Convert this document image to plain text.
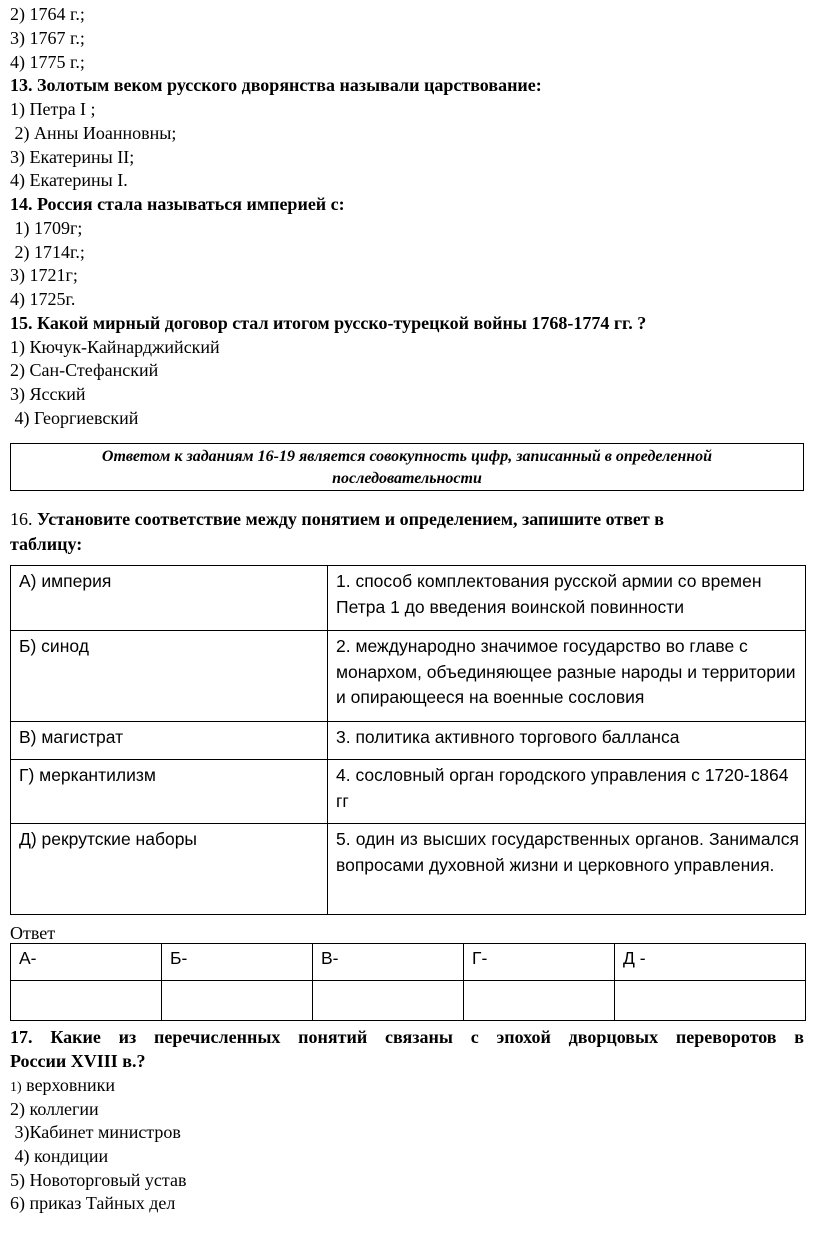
2) 1764 г.;
3) 1767 г.;
4) 1775 г.;
13. Золотым веком русского дворянства называли царствование:
1) Петра I ;
2) Анны Иоанновны;
3) Екатерины II;
4) Екатерины I.
14. Россия стала называться империей с:
1) 1709г;
2) 1714г.;
3) 1721г;
4) 1725г.
15. Какой мирный договор стал итогом русско-турецкой войны 1768-1774 гг. ?
1) Кючук-Кайнарджийский
2) Сан-Стефанский
3) Ясский
4) Георгиевский
Ответом к заданиям 16-19 является совокупность цифр, записанный в определенной
последовательности
16. Установите соответствие между понятием и определением, запишите ответ в
таблицу:
А) империя	1. способ комплектования русской армии со времен Петра 1 до введения воинской повинности
Б) синод	2. международно значимое государство во главе с монархом, объединяющее разные народы и территории и опирающееся на военные сословия
В) магистрат	3. политика активного торгового балланса
Г) меркантилизм	4. сословный орган городского управления с 1720-1864 гг
Д) рекрутские наборы	5. один из высших государственных органов. Занимался вопросами духовной жизни и церковного управления.
Ответ
А-	Б-	В-	Г-	Д -

17. Какие из перечисленных понятий связаны с эпохой дворцовых переворотов в
России XVIII в.?
1) верховники
2) коллегии
3)Кабинет министров
4) кондиции
5) Новоторговый устав
6) приказ Тайных дел
